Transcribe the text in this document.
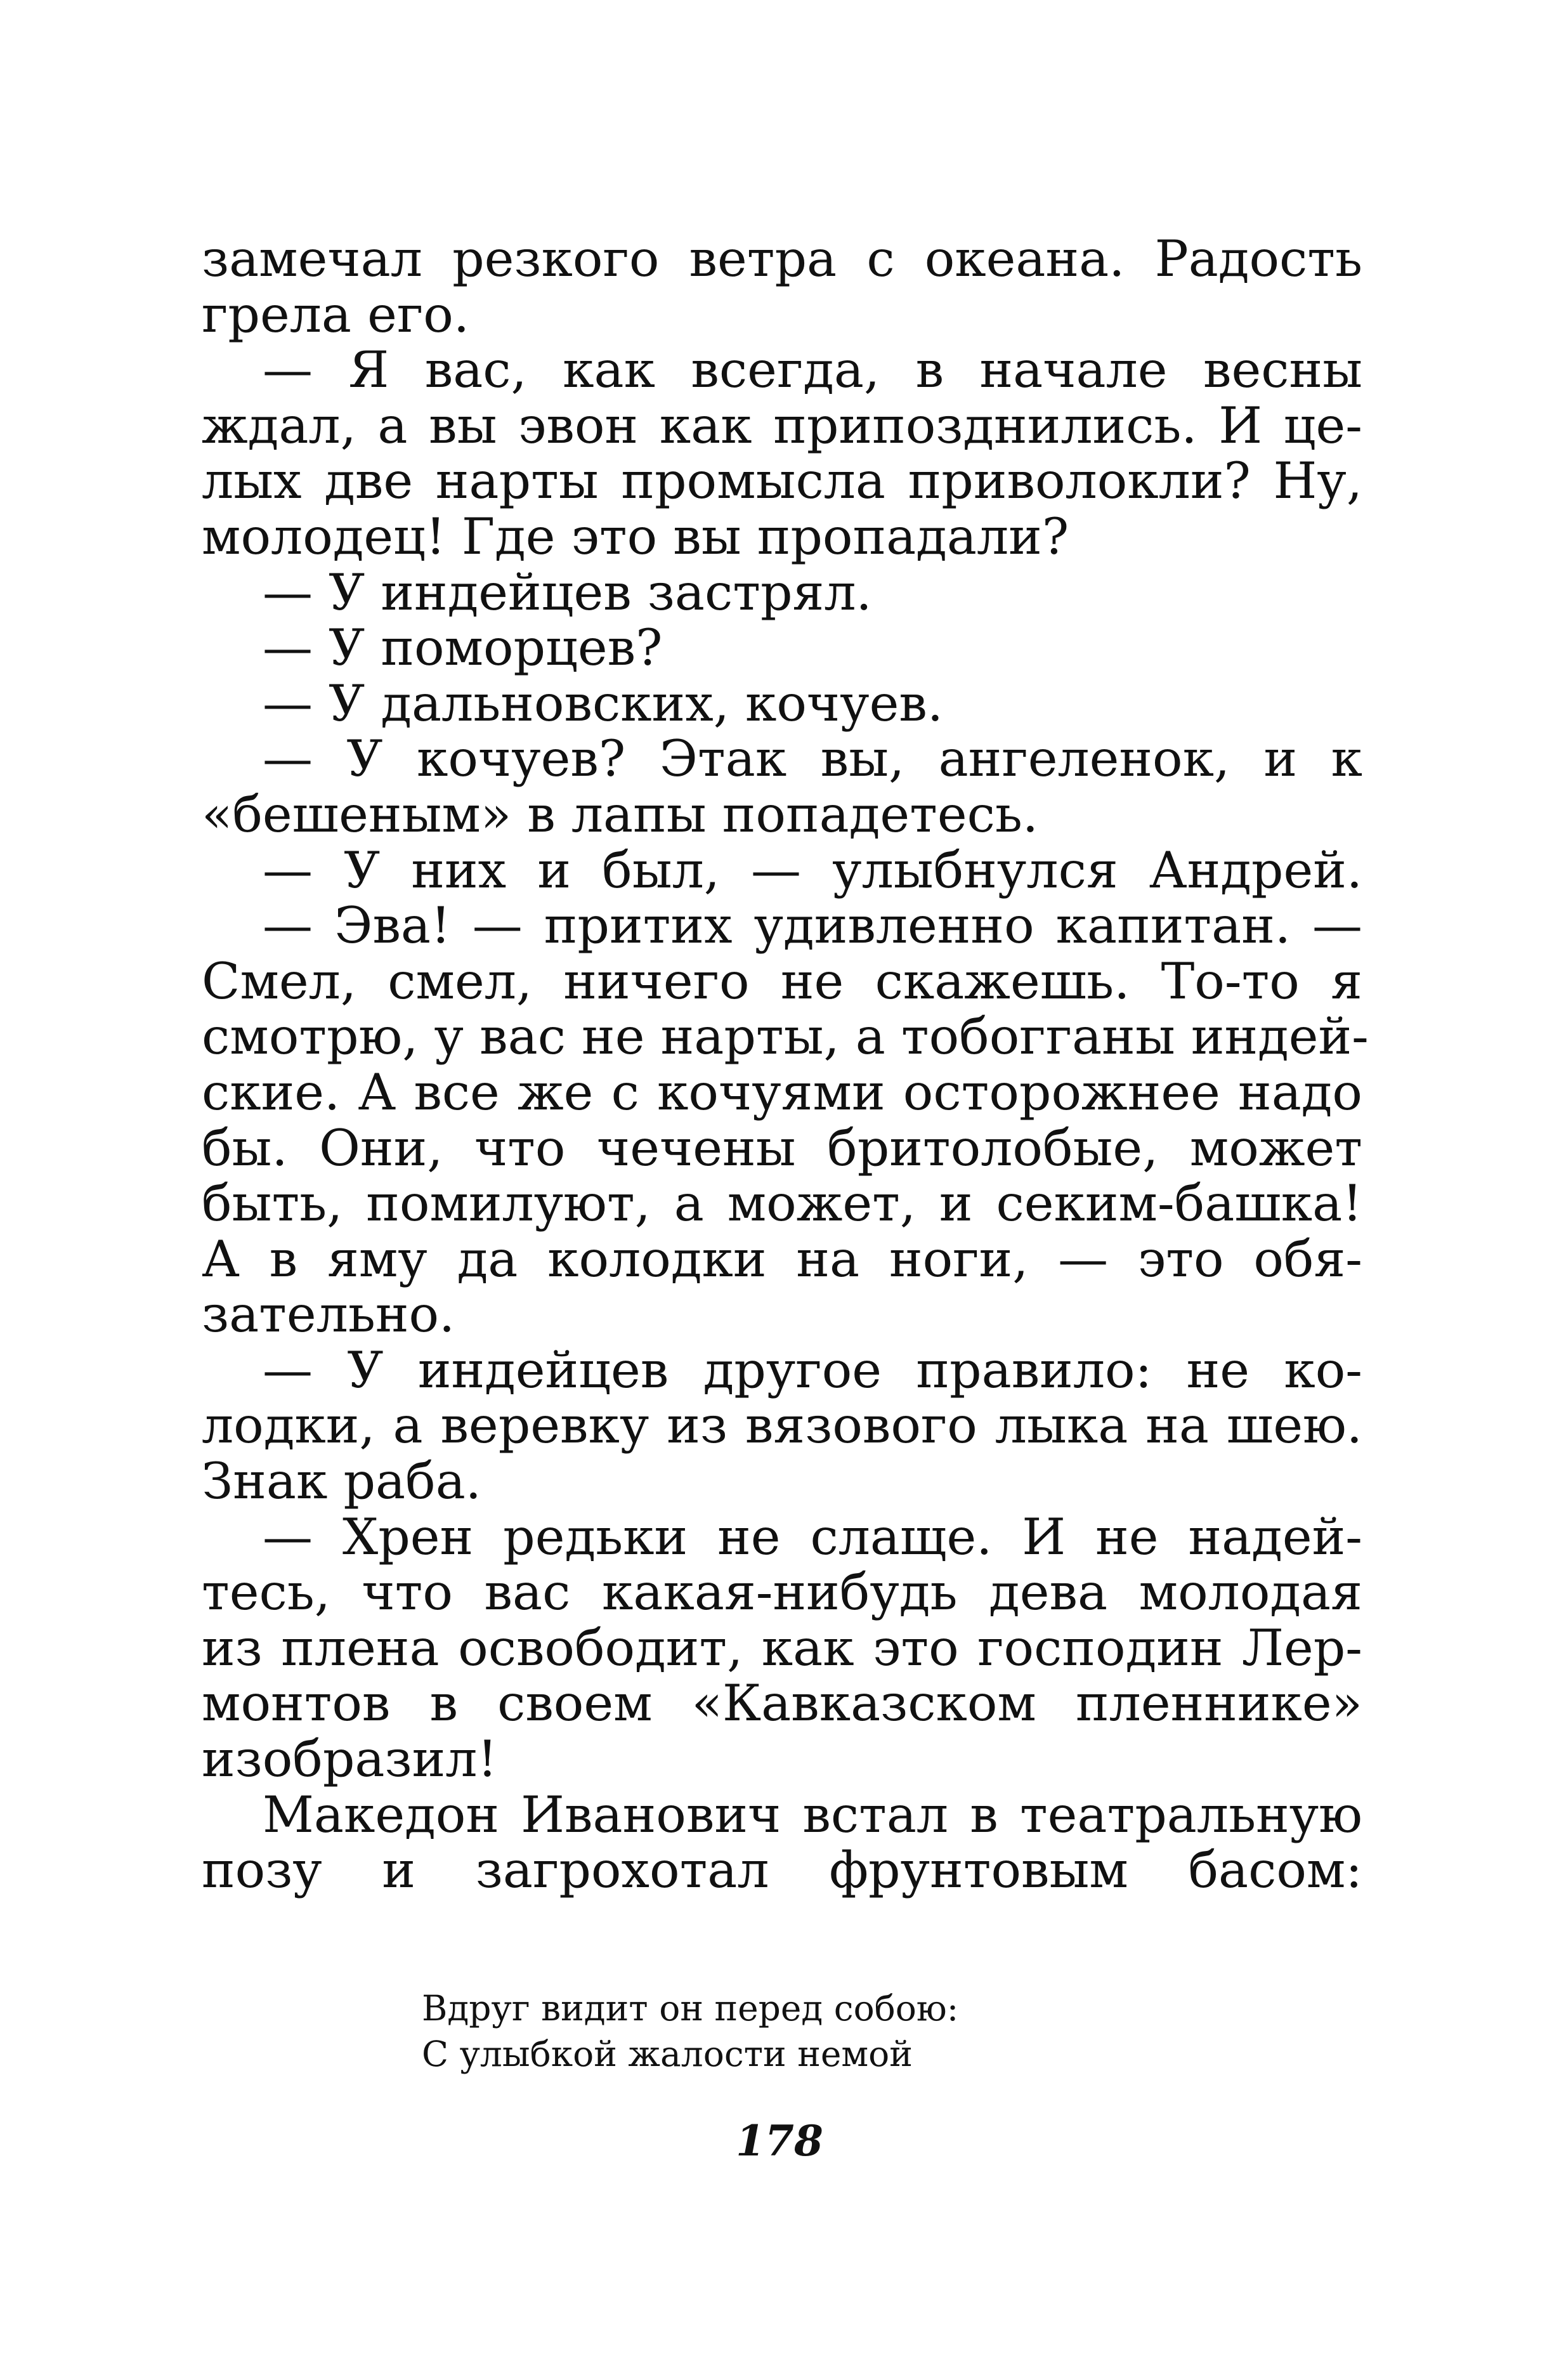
замечал резкого ветра с океана. Радость
грела его.
— Я вас, как всегда, в начале весны
ждал, а вы эвон как припозднились. И це-
лых две нарты промысла приволокли? Ну,
молодец! Где это вы пропадали?
— У индейцев застрял.
— У поморцев?
— У дальновских, кочуев.
— У кочуев? Этак вы, ангеленок, и к
«бешеным» в лапы попадетесь.
— У них и был, — улыбнулся Андрей.
— Эва! — притих удивленно капитан. —
Смел, смел, ничего не скажешь. То-то я
смотрю, у вас не нарты, а тобогганы индей-
ские. А все же с кочуями осторожнее надо
бы. Они, что чечены бритолобые, может
быть, помилуют, а может, и секим-башка!
А в яму да колодки на ноги, — это обя-
зательно.
— У индейцев другое правило: не ко-
лодки, а веревку из вязового лыка на шею.
Знак раба.
— Хрен редьки не слаще. И не надей-
тесь, что вас какая-нибудь дева молодая
из плена освободит, как это господин Лер-
монтов в своем «Кавказском пленнике»
изобразил!
Македон Иванович встал в театральную
позу и загрохотал фрунтовым басом:
Вдруг видит он перед собою:
С улыбкой жалости немой
178
